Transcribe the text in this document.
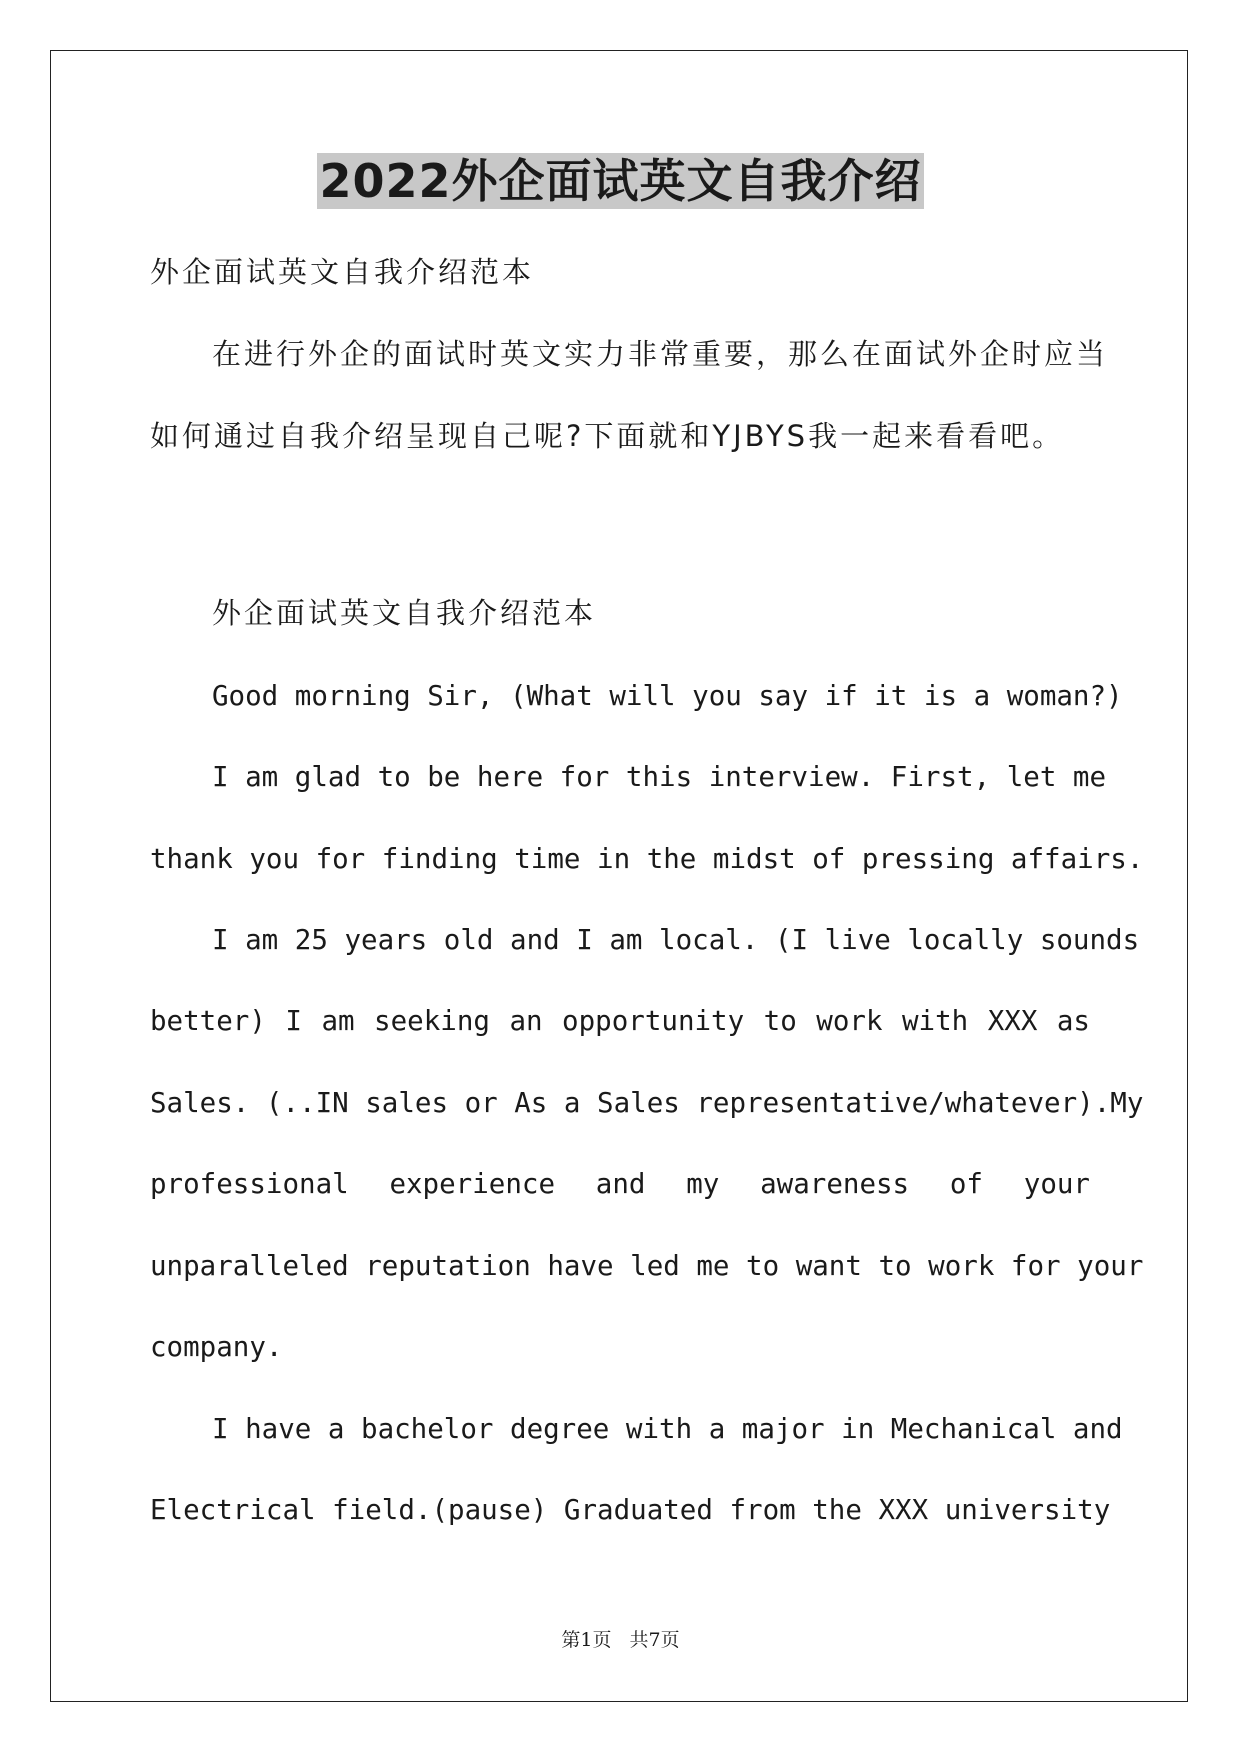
2022外企面试英文自我介绍
外企面试英文自我介绍范本
在进行外企的面试时英文实力非常重要，那么在面试外企时应当
如何通过自我介绍呈现自己呢?下面就和YJBYS我一起来看看吧。
外企面试英文自我介绍范本
Good morning Sir, (What will you say if it is a woman?)
I am glad to be here for this interview. First, let me
thank you for finding time in the midst of pressing affairs.
I am 25 years old and I am local. (I live locally sounds
better) I am seeking an opportunity to work with XXX as
Sales. (..IN sales or As a Sales representative/whatever).My
professional experience and my awareness of your
unparalleled reputation have led me to want to work for your
company.
I have a bachelor degree with a major in Mechanical and
Electrical field.(pause) Graduated from the XXX university
第1页 共7页
